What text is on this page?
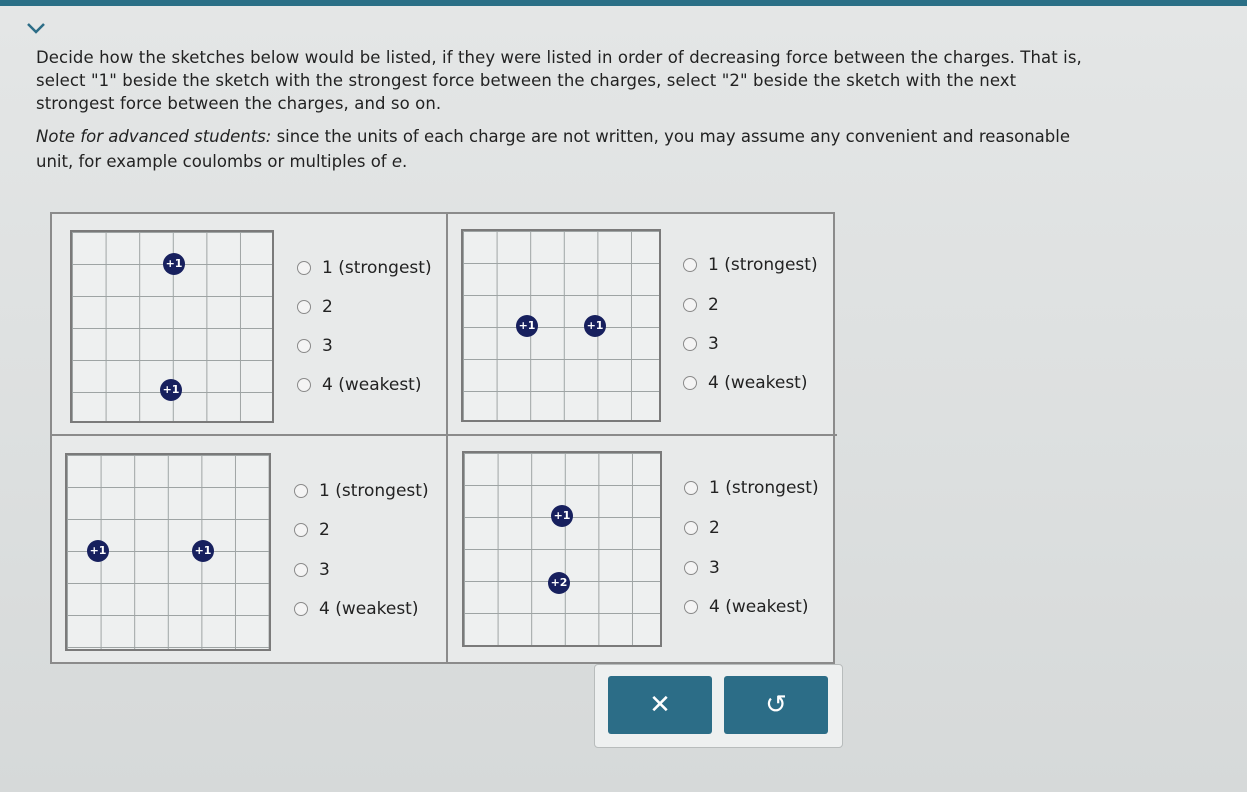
Decide how the sketches below would be listed, if they were listed in order of decreasing force between the charges. That is,
select "1" beside the sketch with the strongest force between the charges, select "2" beside the sketch with the next
strongest force between the charges, and so on.
Note for advanced students: since the units of each charge are not written, you may assume any convenient and reasonable
unit, for example coulombs or multiples of e.
+1
+1
+1	+1
+1	+1
+1
+2
1 (strongest)
2
3
4 (weakest)
1 (strongest)
2
3
4 (weakest)
1 (strongest)
2
3
4 (weakest)
1 (strongest)
2
3
4 (weakest)
✕	↺
